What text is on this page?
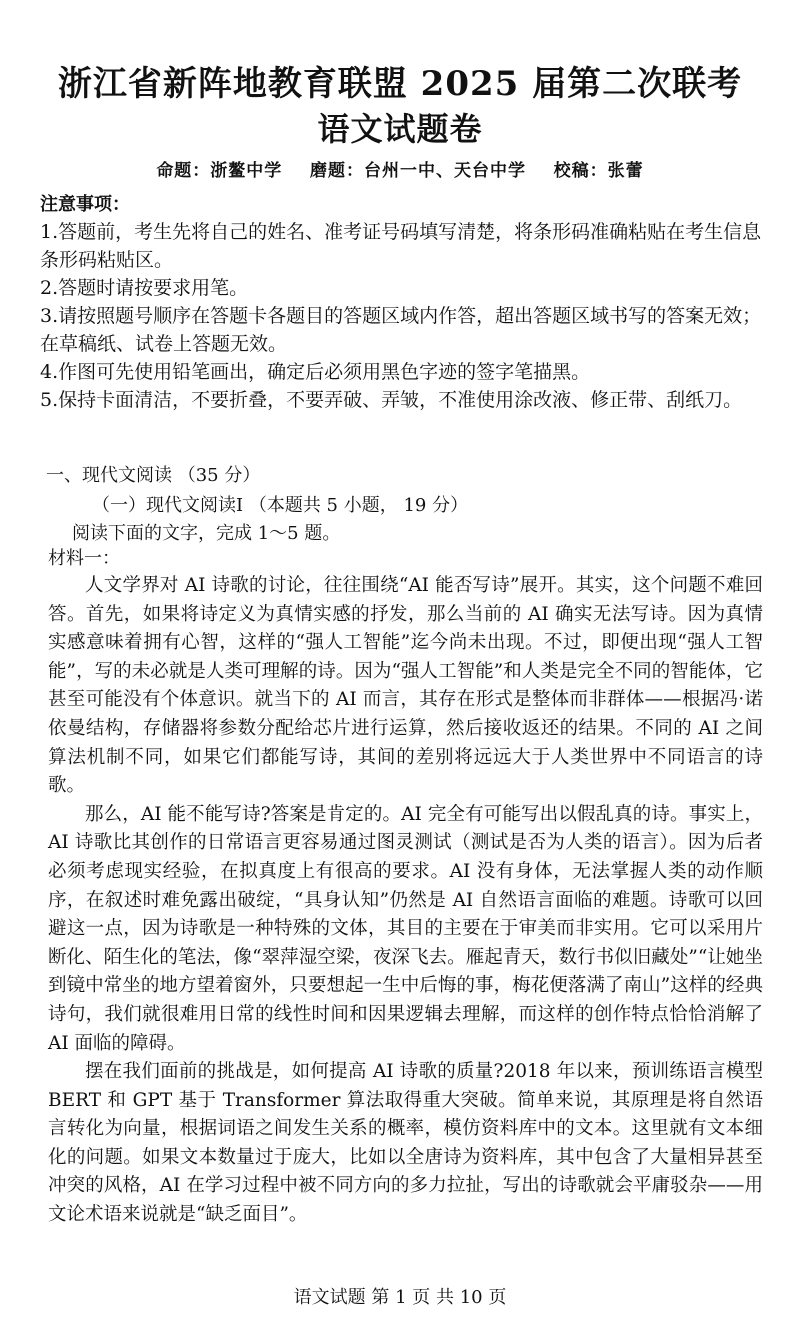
浙江省新阵地教育联盟 2025 届第二次联考
语文试题卷
命题：浙鳌中学    磨题：台州一中、天台中学    校稿：张蕾
注意事项：
1.答题前，考生先将自己的姓名、准考证号码填写清楚，将条形码准确粘贴在考生信息条形码粘贴区。
2.答题时请按要求用笔。
3.请按照题号顺序在答题卡各题目的答题区域内作答，超出答题区域书写的答案无效；在草稿纸、试卷上答题无效。
4.作图可先使用铅笔画出，确定后必须用黑色字迹的签字笔描黑。
5.保持卡面清洁，不要折叠，不要弄破、弄皱，不准使用涂改液、修正带、刮纸刀。
一、现代文阅读 （35 分）
（一）现代文阅读Ⅰ （本题共 5 小题， 19 分）
阅读下面的文字，完成 1～5 题。
材料一：

人文学界对 AI 诗歌的讨论，往往围绕“AI 能否写诗”展开。其实，这个问题不难回答。首先，如果将诗定义为真情实感的抒发，那么当前的 AI 确实无法写诗。因为真情实感意味着拥有心智，这样的“强人工智能”迄今尚未出现。不过，即便出现“强人工智能”，写的未必就是人类可理解的诗。因为“强人工智能”和人类是完全不同的智能体，它甚至可能没有个体意识。就当下的 AI 而言，其存在形式是整体而非群体——根据冯·诺依曼结构，存储器将参数分配给芯片进行运算，然后接收返还的结果。不同的 AI 之间算法机制不同，如果它们都能写诗，其间的差别将远远大于人类世界中不同语言的诗歌。

那么，AI 能不能写诗?答案是肯定的。AI 完全有可能写出以假乱真的诗。事实上，AI 诗歌比其创作的日常语言更容易通过图灵测试（测试是否为人类的语言）。因为后者必须考虑现实经验，在拟真度上有很高的要求。AI 没有身体，无法掌握人类的动作顺序，在叙述时难免露出破绽，“具身认知”仍然是 AI 自然语言面临的难题。诗歌可以回避这一点，因为诗歌是一种特殊的文体，其目的主要在于审美而非实用。它可以采用片断化、陌生化的笔法，像“翠萍湿空梁，夜深飞去。雁起青天，数行书似旧藏处”“让她坐到镜中常坐的地方望着窗外，只要想起一生中后悔的事，梅花便落满了南山”这样的经典诗句，我们就很难用日常的线性时间和因果逻辑去理解，而这样的创作特点恰恰消解了 AI 面临的障碍。

摆在我们面前的挑战是，如何提高 AI 诗歌的质量?2018 年以来，预训练语言模型 BERT 和 GPT 基于 Transformer 算法取得重大突破。简单来说，其原理是将自然语言转化为向量，根据词语之间发生关系的概率，模仿资料库中的文本。这里就有文本细化的问题。如果文本数量过于庞大，比如以全唐诗为资料库，其中包含了大量相异甚至冲突的风格，AI 在学习过程中被不同方向的多力拉扯，写出的诗歌就会平庸驳杂——用文论术语来说就是“缺乏面目”。

语文试题 第 1 页 共 10 页
